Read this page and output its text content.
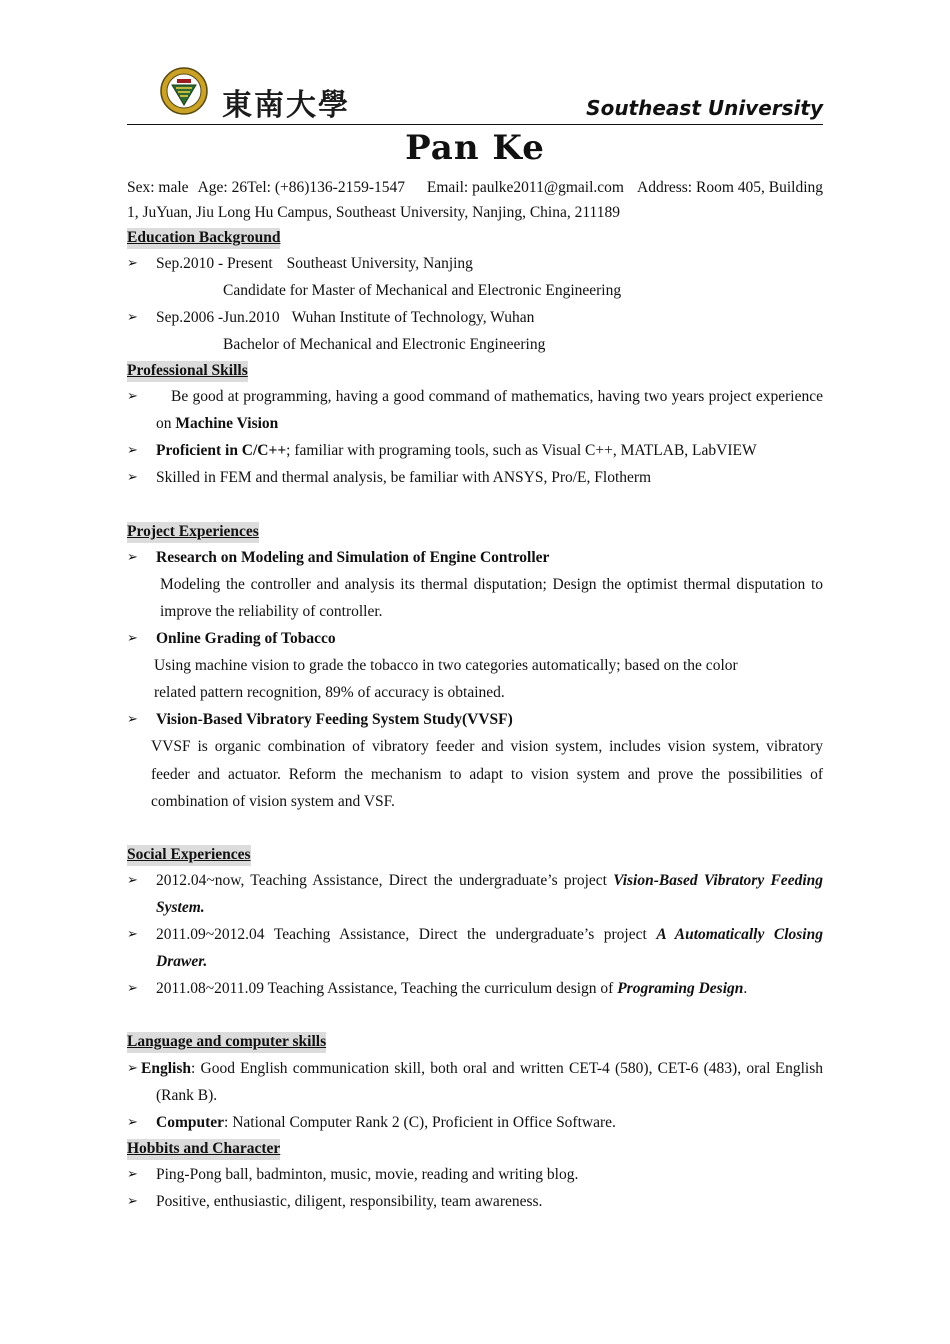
東南大學	Southeast University
Pan Ke
Sex: male Age: 26Tel: (+86)136-2159-1547 Email: paulke2011@gmail.com Address: Room 405, Building 1, JuYuan, Jiu Long Hu Campus, Southeast University, Nanjing, China, 211189
Education Background
➢	Sep.2010 - Present Southeast University, Nanjing
Candidate for Master of Mechanical and Electronic Engineering
➢	Sep.2006 -Jun.2010 Wuhan Institute of Technology, Wuhan
Bachelor of Mechanical and Electronic Engineering
Professional Skills
➢	Be good at programming, having a good command of mathematics, having two years project experience on Machine Vision
➢	Proficient in C/C++; familiar with programing tools, such as Visual C++, MATLAB, LabVIEW
➢	Skilled in FEM and thermal analysis, be familiar with ANSYS, Pro/E, Flotherm
Project Experiences
➢	Research on Modeling and Simulation of Engine Controller
Modeling the controller and analysis its thermal disputation; Design the optimist thermal disputation to improve the reliability of controller.
➢	Online Grading of Tobacco
Using machine vision to grade the tobacco in two categories automatically; based on the color
related pattern recognition, 89% of accuracy is obtained.
➢	Vision-Based Vibratory Feeding System Study(VVSF)
VVSF is organic combination of vibratory feeder and vision system, includes vision system, vibratory feeder and actuator. Reform the mechanism to adapt to vision system and prove the possibilities of combination of vision system and VSF.
Social Experiences
➢	2012.04~now, Teaching Assistance, Direct the undergraduate’s project Vision-Based Vibratory Feeding System.
➢	2011.09~2012.04 Teaching Assistance, Direct the undergraduate’s project A Automatically Closing Drawer.
➢	2011.08~2011.09 Teaching Assistance, Teaching the curriculum design of Programing Design.
Language and computer skills
➢ English: Good English communication skill, both oral and written CET-4 (580), CET-6 (483), oral English (Rank B).
➢	Computer: National Computer Rank 2 (C), Proficient in Office Software.
Hobbits and Character
➢	Ping-Pong ball, badminton, music, movie, reading and writing blog.
➢	Positive, enthusiastic, diligent, responsibility, team awareness.
